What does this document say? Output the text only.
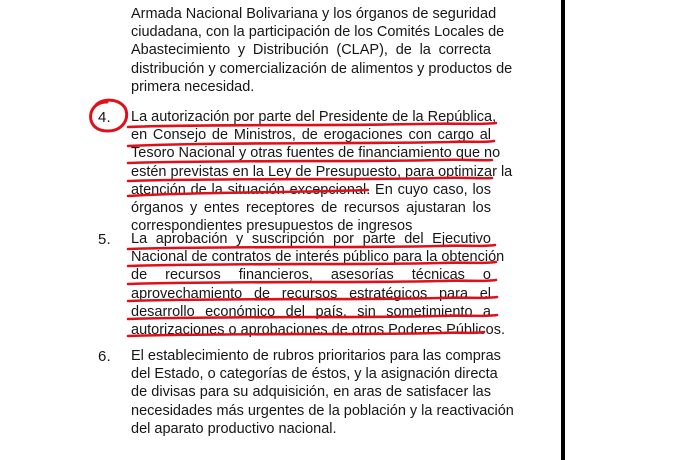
Armada Nacional Bolivariana y los órganos de seguridad
ciudadana, con la participación de los Comités Locales de
Abastecimiento y Distribución (CLAP), de la correcta
distribución y comercialización de alimentos y productos de
primera necesidad.
4. La autorización por parte del Presidente de la República,
en Consejo de Ministros, de erogaciones con cargo al
Tesoro Nacional y otras fuentes de financiamiento que no
estén previstas en la Ley de Presupuesto, para optimizar la
atención de la situación excepcional. En cuyo caso, los
órganos y entes receptores de recursos ajustaran los
correspondientes presupuestos de ingresos
5. La aprobación y suscripción por parte del Ejecutivo
Nacional de contratos de interés público para la obtención
de recursos financieros, asesorías técnicas o
aprovechamiento de recursos estratégicos para el
desarrollo económico del país, sin sometimiento a
autorizaciones o aprobaciones de otros Poderes Públicos.
6. El establecimiento de rubros prioritarios para las compras
del Estado, o categorías de éstos, y la asignación directa
de divisas para su adquisición, en aras de satisfacer las
necesidades más urgentes de la población y la reactivación
del aparato productivo nacional.
